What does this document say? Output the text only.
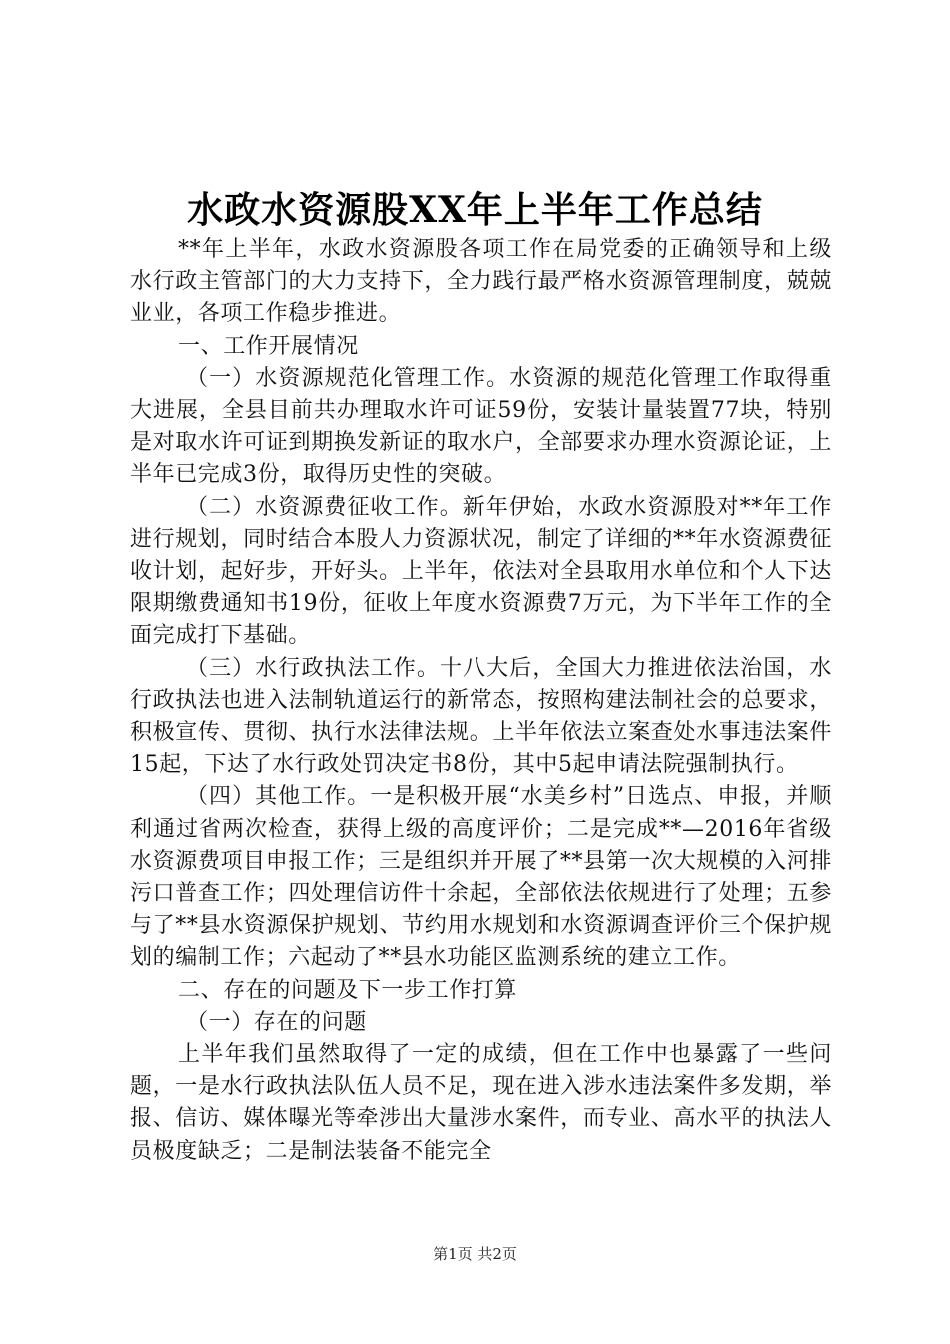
水政水资源股XX年上半年工作总结

**年上半年，水政水资源股各项工作在局党委的正确领导和上级水行政主管部门的大力支持下，全力践行最严格水资源管理制度，兢兢业业，各项工作稳步推进。

一、工作开展情况

（一）水资源规范化管理工作。水资源的规范化管理工作取得重大进展，全县目前共办理取水许可证59份，安装计量装置77块，特别是对取水许可证到期换发新证的取水户，全部要求办理水资源论证，上半年已完成3份，取得历史性的突破。

（二）水资源费征收工作。新年伊始，水政水资源股对**年工作进行规划，同时结合本股人力资源状况，制定了详细的**年水资源费征收计划，起好步，开好头。上半年，依法对全县取用水单位和个人下达限期缴费通知书19份，征收上年度水资源费7万元，为下半年工作的全面完成打下基础。

（三）水行政执法工作。十八大后，全国大力推进依法治国，水行政执法也进入法制轨道运行的新常态，按照构建法制社会的总要求，积极宣传、贯彻、执行水法律法规。上半年依法立案查处水事违法案件15起，下达了水行政处罚决定书8份，其中5起申请法院强制执行。

（四）其他工作。一是积极开展“水美乡村”日选点、申报，并顺利通过省两次检查，获得上级的高度评价；二是完成**—2016年省级水资源费项目申报工作；三是组织并开展了**县第一次大规模的入河排污口普查工作；四处理信访件十余起，全部依法依规进行了处理；五参与了**县水资源保护规划、节约用水规划和水资源调查评价三个保护规划的编制工作；六起动了**县水功能区监测系统的建立工作。

二、存在的问题及下一步工作打算

（一）存在的问题

上半年我们虽然取得了一定的成绩，但在工作中也暴露了一些问题，一是水行政执法队伍人员不足，现在进入涉水违法案件多发期，举报、信访、媒体曝光等牵涉出大量涉水案件，而专业、高水平的执法人员极度缺乏；二是制法装备不能完全

第1页 共2页
